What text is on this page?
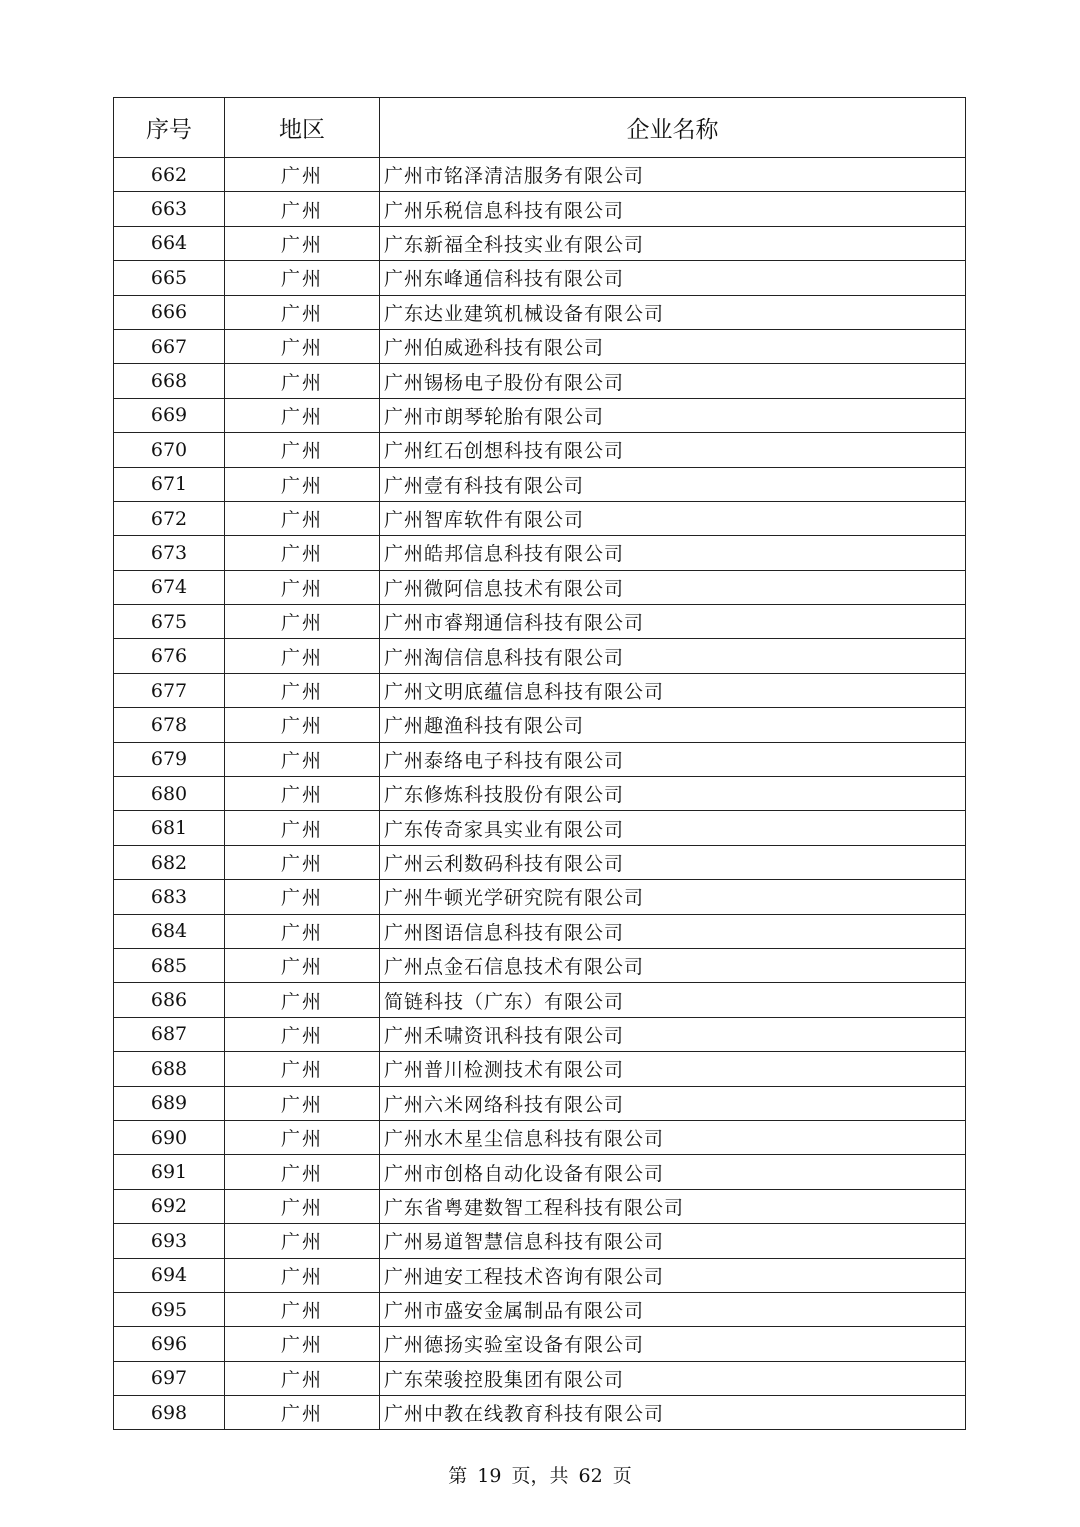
序号	地区	企业名称
662	广州	广州市铭泽清洁服务有限公司
663	广州	广州乐税信息科技有限公司
664	广州	广东新福全科技实业有限公司
665	广州	广州东峰通信科技有限公司
666	广州	广东达业建筑机械设备有限公司
667	广州	广州伯威逊科技有限公司
668	广州	广州锡杨电子股份有限公司
669	广州	广州市朗琴轮胎有限公司
670	广州	广州红石创想科技有限公司
671	广州	广州壹有科技有限公司
672	广州	广州智库软件有限公司
673	广州	广州皓邦信息科技有限公司
674	广州	广州微阿信息技术有限公司
675	广州	广州市睿翔通信科技有限公司
676	广州	广州淘信信息科技有限公司
677	广州	广州文明底蕴信息科技有限公司
678	广州	广州趣渔科技有限公司
679	广州	广州泰络电子科技有限公司
680	广州	广东修炼科技股份有限公司
681	广州	广东传奇家具实业有限公司
682	广州	广州云利数码科技有限公司
683	广州	广州牛顿光学研究院有限公司
684	广州	广州图语信息科技有限公司
685	广州	广州点金石信息技术有限公司
686	广州	简链科技（广东）有限公司
687	广州	广州禾啸资讯科技有限公司
688	广州	广州普川检测技术有限公司
689	广州	广州六米网络科技有限公司
690	广州	广州水木星尘信息科技有限公司
691	广州	广州市创格自动化设备有限公司
692	广州	广东省粤建数智工程科技有限公司
693	广州	广州易道智慧信息科技有限公司
694	广州	广州迪安工程技术咨询有限公司
695	广州	广州市盛安金属制品有限公司
696	广州	广州德扬实验室设备有限公司
697	广州	广东荣骏控股集团有限公司
698	广州	广州中教在线教育科技有限公司
第 19 页，共 62 页
